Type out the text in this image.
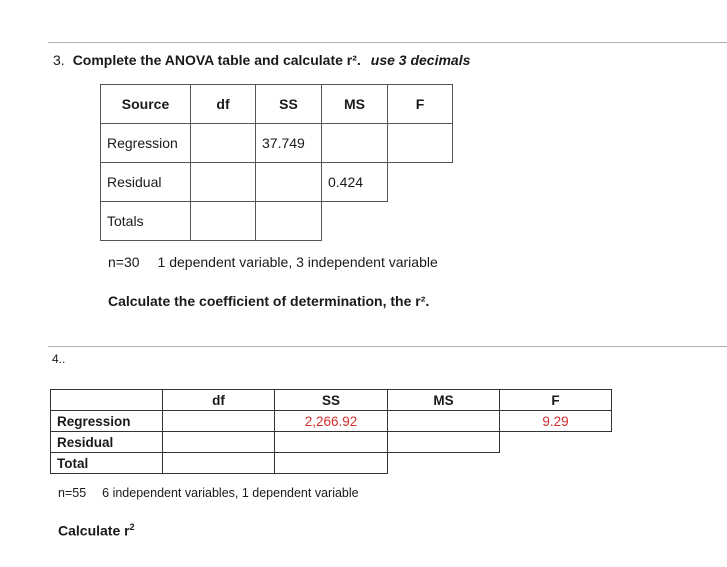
3. Complete the ANOVA table and calculate r². use 3 decimals
Source	df	SS	MS	F
Regression		37.749		
Residual			0.424	
Totals				
n=30 1 dependent variable, 3 independent variable
Calculate the coefficient of determination, the r².
4..
	df	SS	MS	F
Regression		2,266.92		9.29
Residual				
Total				
n=55 6 independent variables, 1 dependent variable
Calculate $r^2$
